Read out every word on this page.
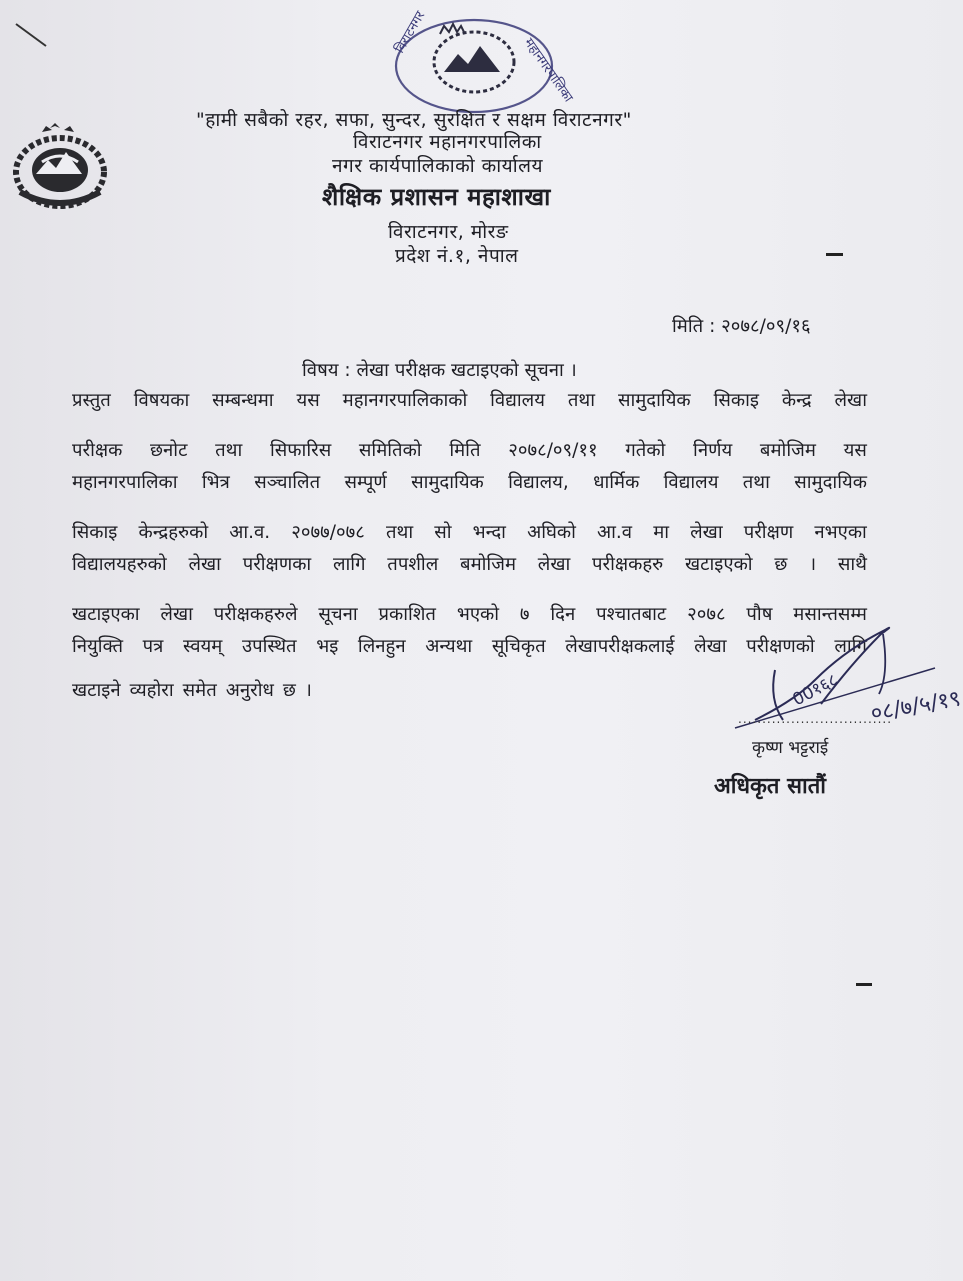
विराटनगर
महानगरपालिका
"हामी सबैको रहर, सफा, सुन्दर, सुरक्षित र सक्षम विराटनगर"
विराटनगर महानगरपालिका
नगर कार्यपालिकाको कार्यालय
शैक्षिक प्रशासन महाशाखा
विराटनगर, मोरङ
प्रदेश नं.१, नेपाल
मिति : २०७८/०९/१६
विषय : लेखा परीक्षक खटाइएको सूचना ।
प्रस्तुत विषयका सम्बन्धमा यस महानगरपालिकाको विद्यालय तथा सामुदायिक सिकाइ केन्द्र लेखा
परीक्षक छनोट तथा सिफारिस समितिको मिति २०७८/०९/११ गतेको निर्णय बमोजिम यस
महानगरपालिका भित्र सञ्चालित सम्पूर्ण सामुदायिक विद्यालय, धार्मिक विद्यालय तथा सामुदायिक
सिकाइ केन्द्रहरुको आ.व. २०७७/०७८ तथा सो भन्दा अघिको आ.व मा लेखा परीक्षण नभएका
विद्यालयहरुको लेखा परीक्षणका लागि तपशील बमोजिम लेखा परीक्षकहरु खटाइएको छ । साथै
खटाइएका लेखा परीक्षकहरुले सूचना प्रकाशित भएको ७ दिन पश्चातबाट २०७८ पौष मसान्तसम्म
नियुक्ति पत्र स्वयम् उपस्थित भइ लिनहुन अन्यथा सूचिकृत लेखापरीक्षकलाई लेखा परीक्षणको लागि
खटाइने व्यहोरा समेत अनुरोध छ ।	00१६८ ०८/७/५/१९
................................
कृष्ण भट्टराई
अधिकृत सातौं
